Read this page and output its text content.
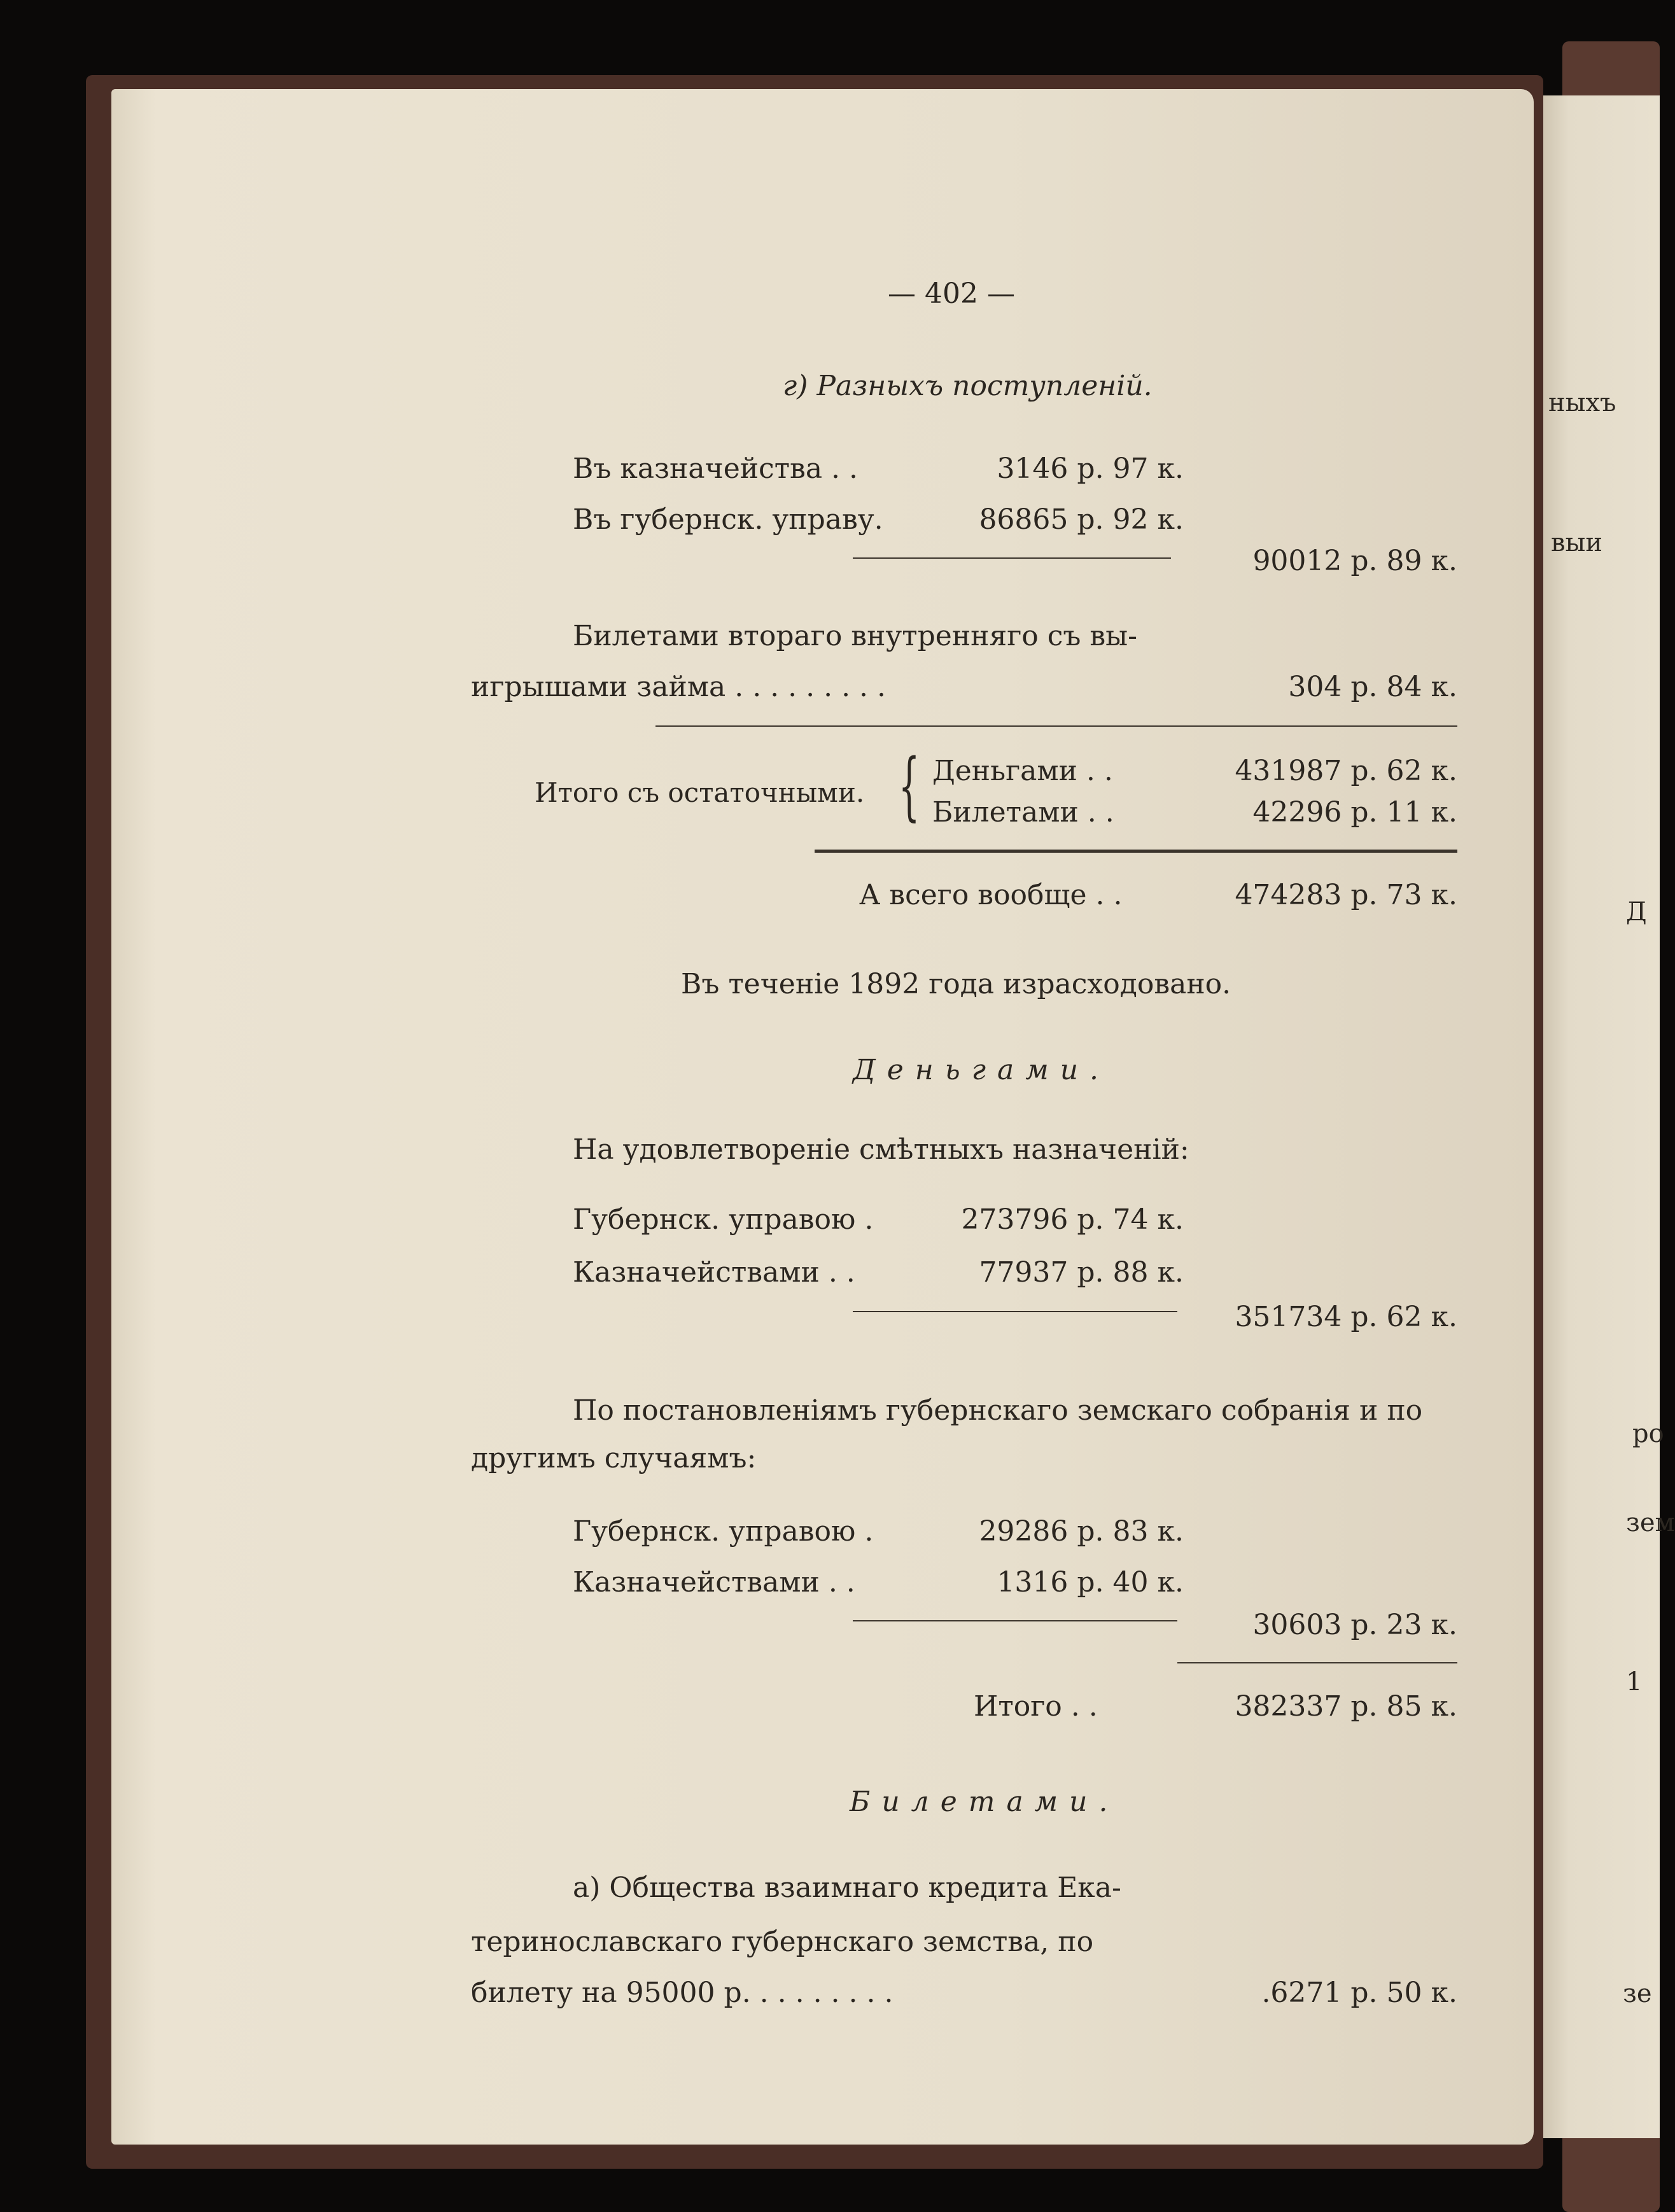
ныхъ
выи
Д
ро
зем
1
зе
— 402 —
г) Разныхъ поступленій.
Въ казначейства . .	3146 р. 97 к.
Въ губернск. управу.	86865 р. 92 к.
90012 р. 89 к.
Билетами втораго внутренняго съ вы-
игрышами займа . . . . . . . . .	304 р. 84 к.
Итого съ остаточными. { Деньгами . .	431987 р. 62 к.
Билетами . .	42296 р. 11 к.
А всего вообще . .	474283 р. 73 к.
Въ теченіе 1892 года израсходовано.
Деньгами.
На удовлетвореніе смѣтныхъ назначеній:
Губернск. управою .	273796 р. 74 к.
Казначействами . .	77937 р. 88 к.
351734 р. 62 к.
По постановленіямъ губернскаго земскаго собранія и по
другимъ случаямъ:
Губернск. управою .	29286 р. 83 к.
Казначействами . .	1316 р. 40 к.
30603 р. 23 к.
Итого . .	382337 р. 85 к.
Билетами.
а) Общества взаимнаго кредита Ека-
теринославскаго губернскаго земства, по
билету на 95000 р. . . . . . . . .	.6271 р. 50 к.
